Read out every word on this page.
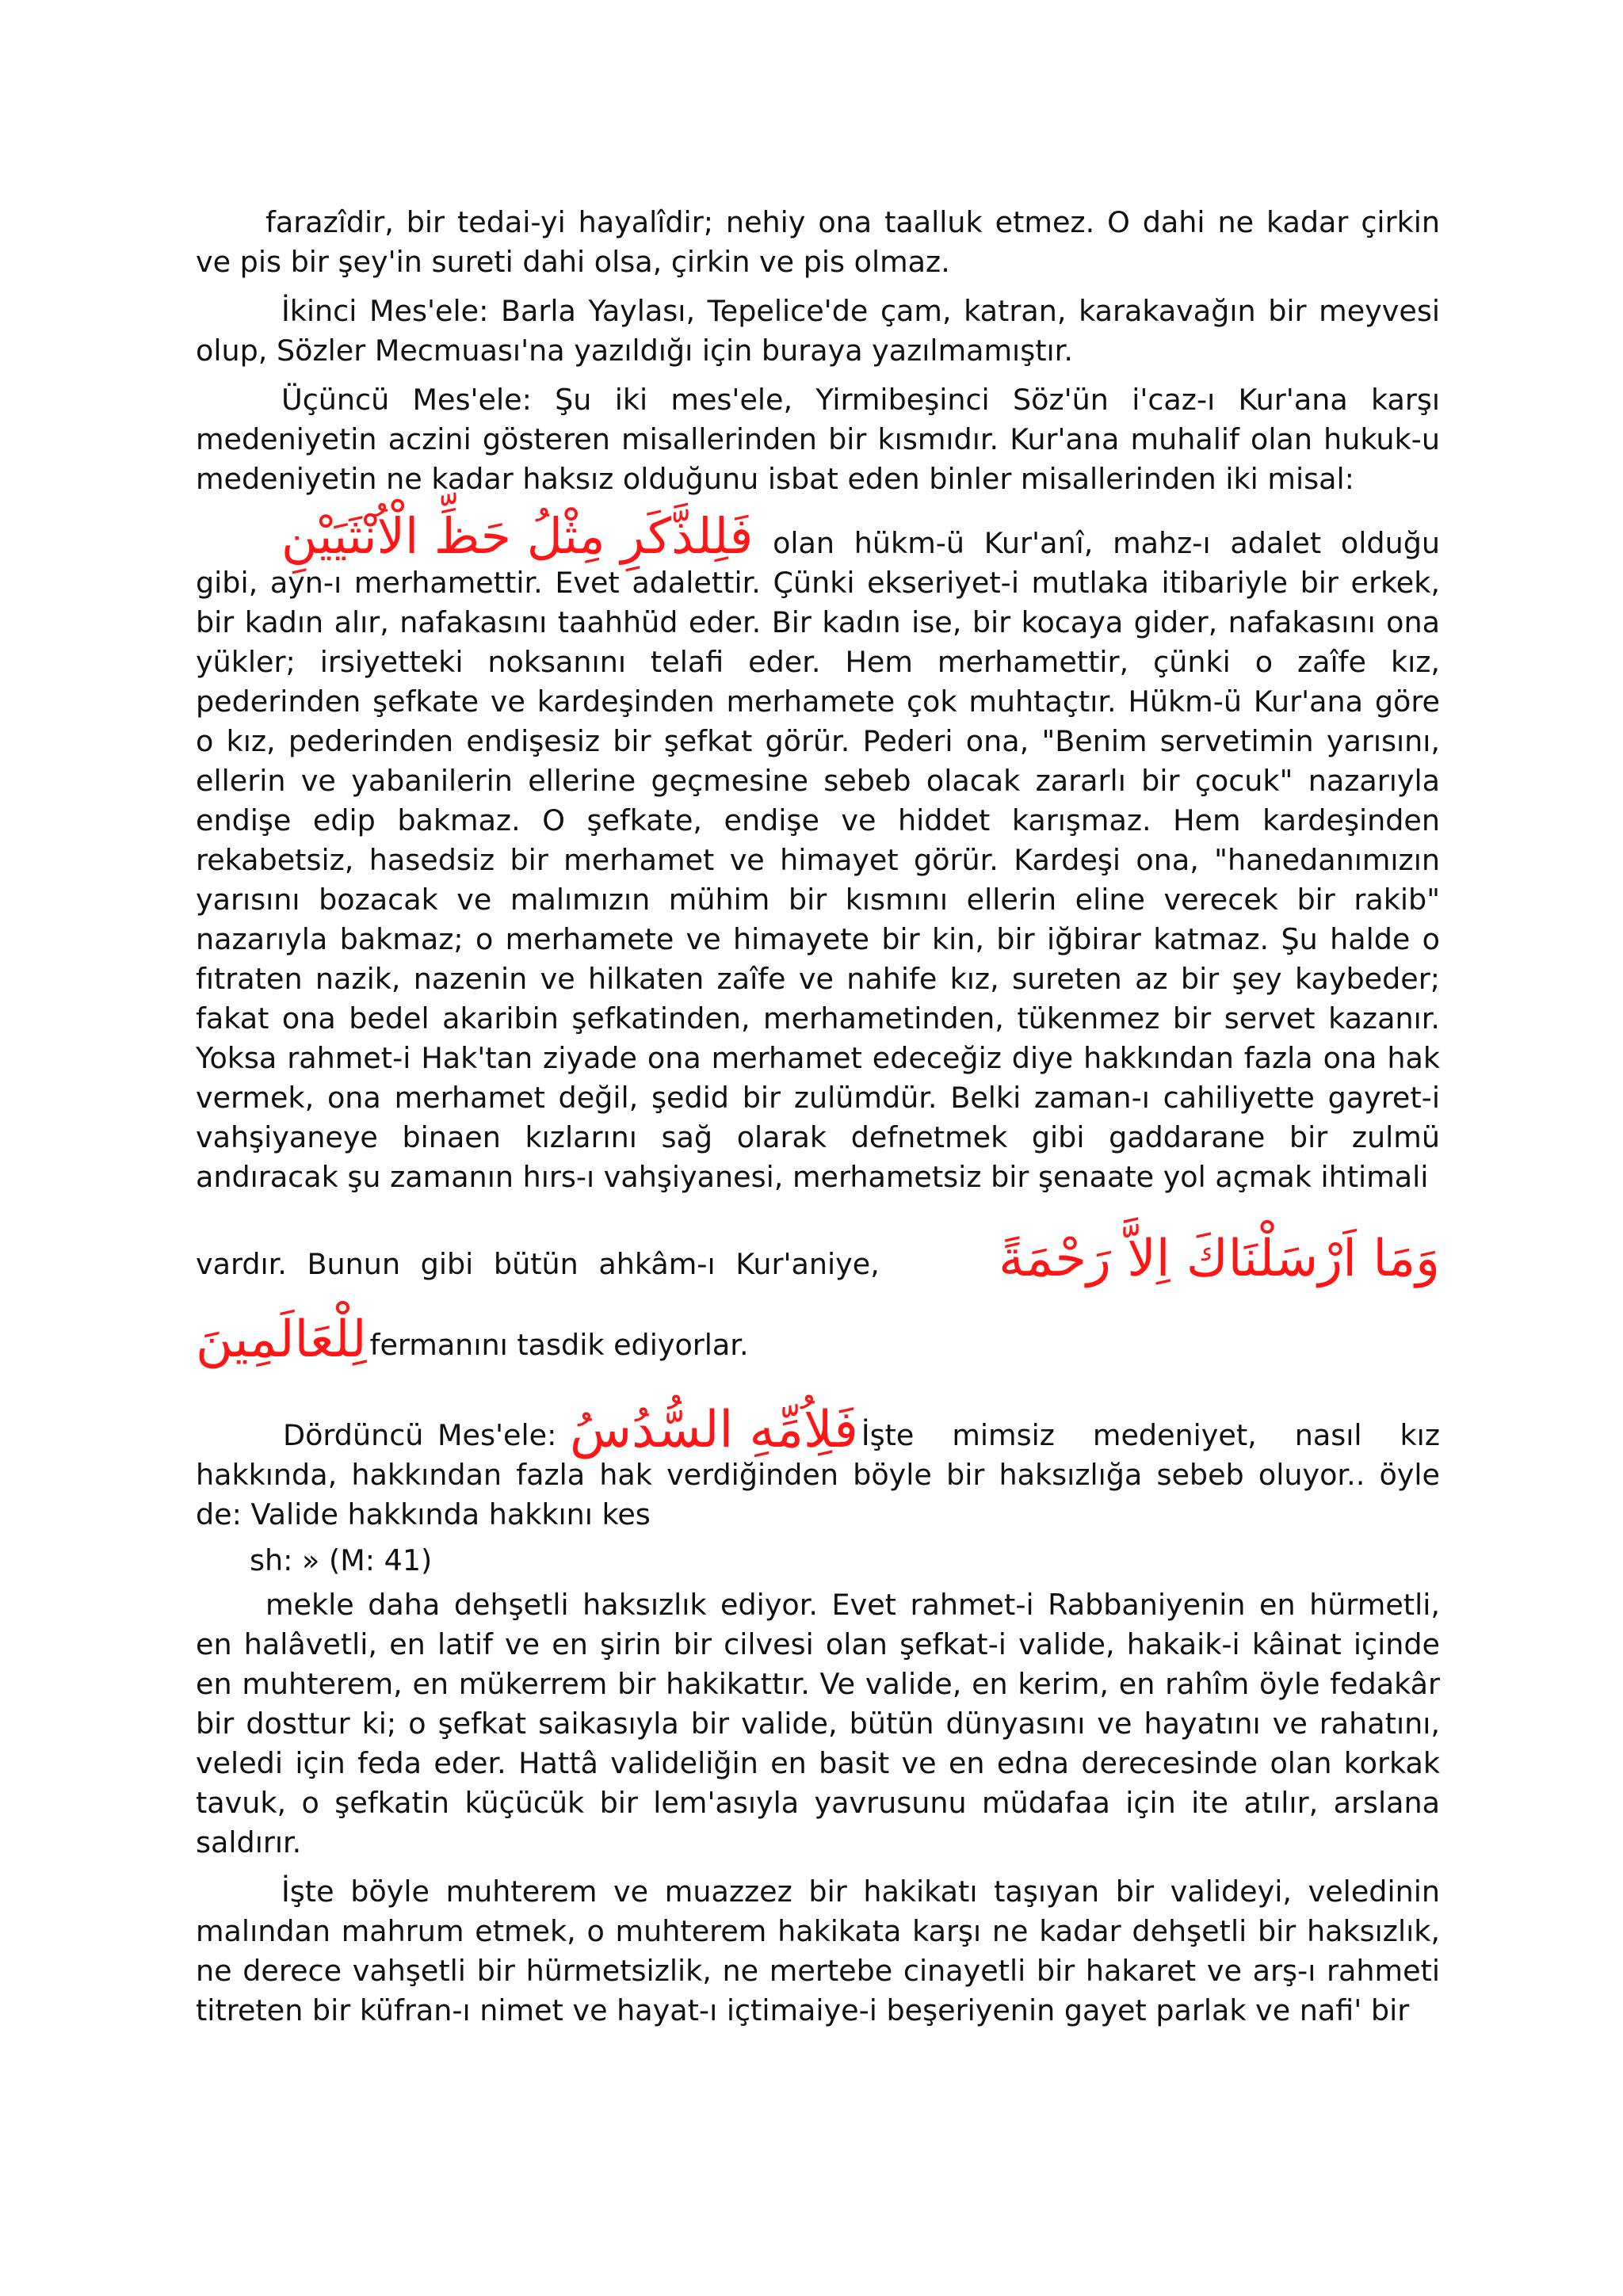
farazîdir, bir tedai-yi hayalîdir; nehiy ona taalluk etmez. O dahi ne kadar çirkin ve pis bir şey'in sureti dahi olsa, çirkin ve pis olmaz.

İkinci Mes'ele: Barla Yaylası, Tepelice'de çam, katran, karakavağın bir meyvesi olup, Sözler Mecmuası'na yazıldığı için buraya yazılmamıştır.

Üçüncü Mes'ele: Şu iki mes'ele, Yirmibeşinci Söz'ün i'caz-ı Kur'ana karşı medeniyetin aczini gösteren misallerinden bir kısmıdır. Kur'ana muhalif olan hukuk-u medeniyetin ne kadar haksız olduğunu isbat eden binler misallerinden iki misal:

فَلِلذَّكَرِ مِثْلُ حَظِّ الْاُنْثَيَيْنِ olan hükm-ü Kur'anî, mahz-ı adalet olduğu gibi, ayn-ı merhamettir. Evet adalettir. Çünki ekseriyet-i mutlaka itibariyle bir erkek, bir kadın alır, nafakasını taahhüd eder. Bir kadın ise, bir kocaya gider, nafakasını ona yükler; irsiyetteki noksanını telafi eder. Hem merhamettir, çünki o zaîfe kız, pederinden şefkate ve kardeşinden merhamete çok muhtaçtır. Hükm-ü Kur'ana göre o kız, pederinden endişesiz bir şefkat görür. Pederi ona, "Benim servetimin yarısını, ellerin ve yabanilerin ellerine geçmesine sebeb olacak zararlı bir çocuk" nazarıyla endişe edip bakmaz. O şefkate, endişe ve hiddet karışmaz. Hem kardeşinden rekabetsiz, hasedsiz bir merhamet ve himayet görür. Kardeşi ona, "hanedanımızın yarısını bozacak ve malımızın mühim bir kısmını ellerin eline verecek bir rakib" nazarıyla bakmaz; o merhamete ve himayete bir kin, bir iğbirar katmaz. Şu halde o fıtraten nazik, nazenin ve hilkaten zaîfe ve nahife kız, sureten az bir şey kaybeder; fakat ona bedel akaribin şefkatinden, merhametinden, tükenmez bir servet kazanır. Yoksa rahmet-i Hak'tan ziyade ona merhamet edeceğiz diye hakkından fazla ona hak vermek, ona merhamet değil, şedid bir zulümdür. Belki zaman-ı cahiliyette gayret-i vahşiyaneye binaen kızlarını sağ olarak defnetmek gibi gaddarane bir zulmü andıracak şu zamanın hırs-ı vahşiyanesi, merhametsiz bir şenaate yol açmak ihtimali

vardır. Bunun gibi bütün ahkâm-ı Kur'aniye, وَمَا اَرْسَلْنَاكَ اِلاَّ رَحْمَةً
لِلْعَالَمِينَ fermanını tasdik ediyorlar.
Dördüncü Mes'ele: فَلِاُمِّهِ السُّدُسُ İşte mimsiz medeniyet, nasıl kız

hakkında, hakkından fazla hak verdiğinden böyle bir haksızlığa sebeb oluyor.. öyle de: Valide hakkında hakkını kes

sh: » (M: 41)

mekle daha dehşetli haksızlık ediyor. Evet rahmet-i Rabbaniyenin en hürmetli, en halâvetli, en latif ve en şirin bir cilvesi olan şefkat-i valide, hakaik-i kâinat içinde en muhterem, en mükerrem bir hakikattır. Ve valide, en kerim, en rahîm öyle fedakâr bir dosttur ki; o şefkat saikasıyla bir valide, bütün dünyasını ve hayatını ve rahatını, veledi için feda eder. Hattâ valideliğin en basit ve en edna derecesinde olan korkak tavuk, o şefkatin küçücük bir lem'asıyla yavrusunu müdafaa için ite atılır, arslana saldırır.

İşte böyle muhterem ve muazzez bir hakikatı taşıyan bir valideyi, veledinin malından mahrum etmek, o muhterem hakikata karşı ne kadar dehşetli bir haksızlık, ne derece vahşetli bir hürmetsizlik, ne mertebe cinayetli bir hakaret ve arş-ı rahmeti titreten bir küfran-ı nimet ve hayat-ı içtimaiye-i beşeriyenin gayet parlak ve nafi' bir
